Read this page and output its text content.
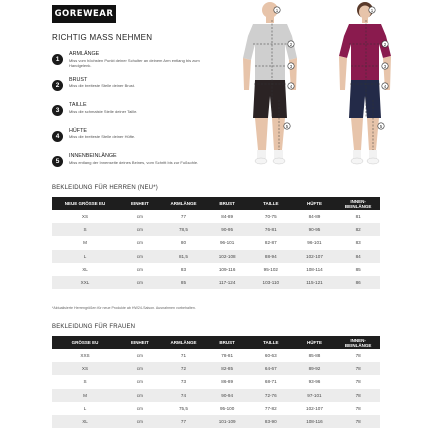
GOREWEAR
RICHTIG MASS NEHMEN
1
ARMLÄNGE
Miss vom höchsten Punkt deiner Schulter an deinem Arm entlang bis zum Handgelenk.
2
BRUST
Miss die breiteste Stelle deiner Brust.
3
TAILLE
Miss die schmalste Stelle deiner Taille.
4
HÜFTE
Miss die breiteste Stelle deiner Hüfte.
5
INNENBEINLÄNGE
Miss entlang der Innenseite deines Beines, vom Schritt bis zur Fußsohle.
1
2
3
4
5
1
2
3
4
5
BEKLEIDUNG FÜR HERREN (NEU*)
NEUE GRÖSSE EU	EINHEIT	ARMLÄNGE	BRUST	TAILLE	HÜFTE	INNEN-BEINLÄNGE
XS	cm	77	84-89	70-75	84-89	81
S	cm	78,5	90-95	76-81	90-95	82
M	cm	80	96-101	82-87	96-101	83
L	cm	81,5	102-108	88-94	102-107	84
XL	cm	83	109-116	95-102	108-114	85
XXL	cm	85	117-124	103-110	115-121	86
*Aktualisierte Herrengrößen für neue Produkte ab HW24-Saison. Ausnahmen vorbehalten.
BEKLEIDUNG FÜR FRAUEN
GRÖSSE EU	EINHEIT	ARMLÄNGE	BRUST	TAILLE	HÜFTE	INNEN-BEINLÄNGE
XXS	cm	71	78-81	60-63	85-88	78
XS	cm	72	82-85	64-67	89-92	78
S	cm	73	86-89	68-71	93-96	78
M	cm	74	90-94	72-76	97-101	78
L	cm	75,5	95-100	77-82	102-107	78
XL	cm	77	101-109	83-90	108-116	78
